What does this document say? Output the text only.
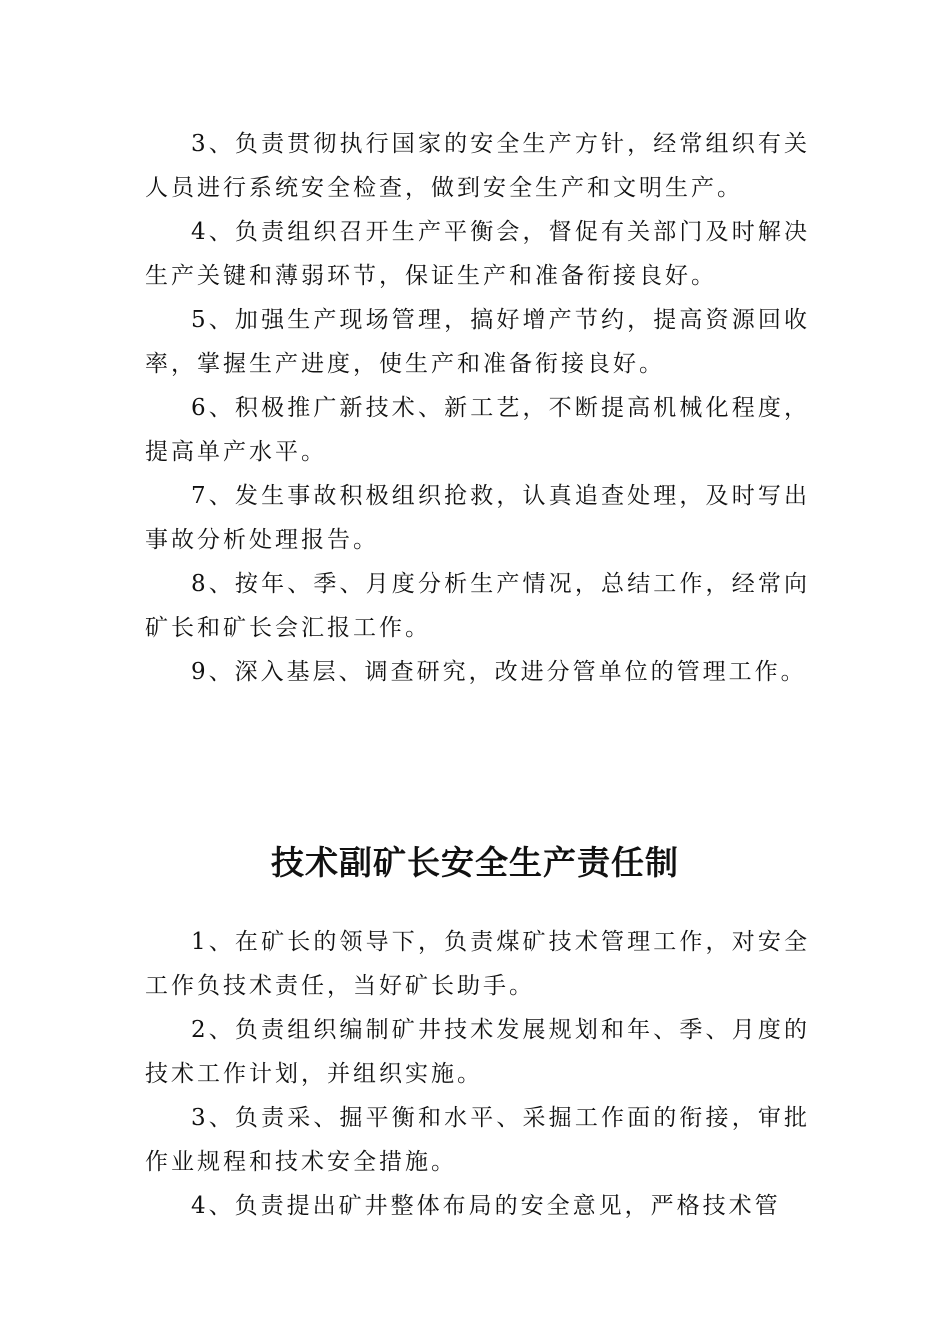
3、负责贯彻执行国家的安全生产方针，经常组织有关人员进行系统安全检查，做到安全生产和文明生产。

4、负责组织召开生产平衡会，督促有关部门及时解决生产关键和薄弱环节，保证生产和准备衔接良好。

5、加强生产现场管理，搞好增产节约，提高资源回收率，掌握生产进度，使生产和准备衔接良好。

6、积极推广新技术、新工艺，不断提高机械化程度，提高单产水平。

7、发生事故积极组织抢救，认真追查处理，及时写出事故分析处理报告。

8、按年、季、月度分析生产情况，总结工作，经常向矿长和矿长会汇报工作。

9、深入基层、调查研究，改进分管单位的管理工作。

技术副矿长安全生产责任制

1、在矿长的领导下，负责煤矿技术管理工作，对安全工作负技术责任，当好矿长助手。

2、负责组织编制矿井技术发展规划和年、季、月度的技术工作计划，并组织实施。

3、负责采、掘平衡和水平、采掘工作面的衔接，审批作业规程和技术安全措施。

4、负责提出矿井整体布局的安全意见，严格技术管
